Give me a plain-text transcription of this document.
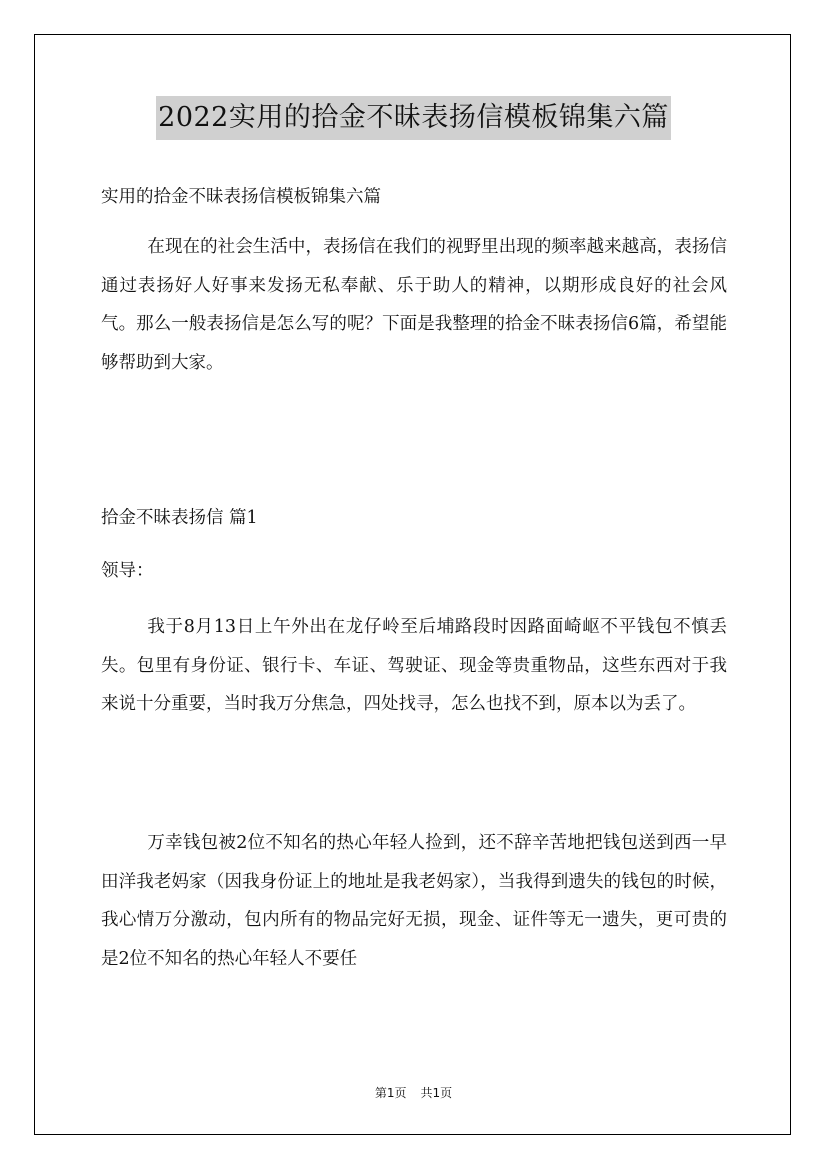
2022实用的拾金不昧表扬信模板锦集六篇

实用的拾金不昧表扬信模板锦集六篇

在现在的社会生活中，表扬信在我们的视野里出现的频率越来越高，表扬信通过表扬好人好事来发扬无私奉献、乐于助人的精神，以期形成良好的社会风气。那么一般表扬信是怎么写的呢？下面是我整理的拾金不昧表扬信6篇，希望能够帮助到大家。

拾金不昧表扬信 篇1

领导：

我于8月13日上午外出在龙仔岭至后埔路段时因路面崎岖不平钱包不慎丢失。包里有身份证、银行卡、车证、驾驶证、现金等贵重物品，这些东西对于我来说十分重要，当时我万分焦急，四处找寻，怎么也找不到，原本以为丢了。

万幸钱包被2位不知名的热心年轻人捡到，还不辞辛苦地把钱包送到西一早田洋我老妈家（因我身份证上的地址是我老妈家），当我得到遗失的钱包的时候，我心情万分激动，包内所有的物品完好无损，现金、证件等无一遗失，更可贵的是2位不知名的热心年轻人不要任

第1页 共1页
